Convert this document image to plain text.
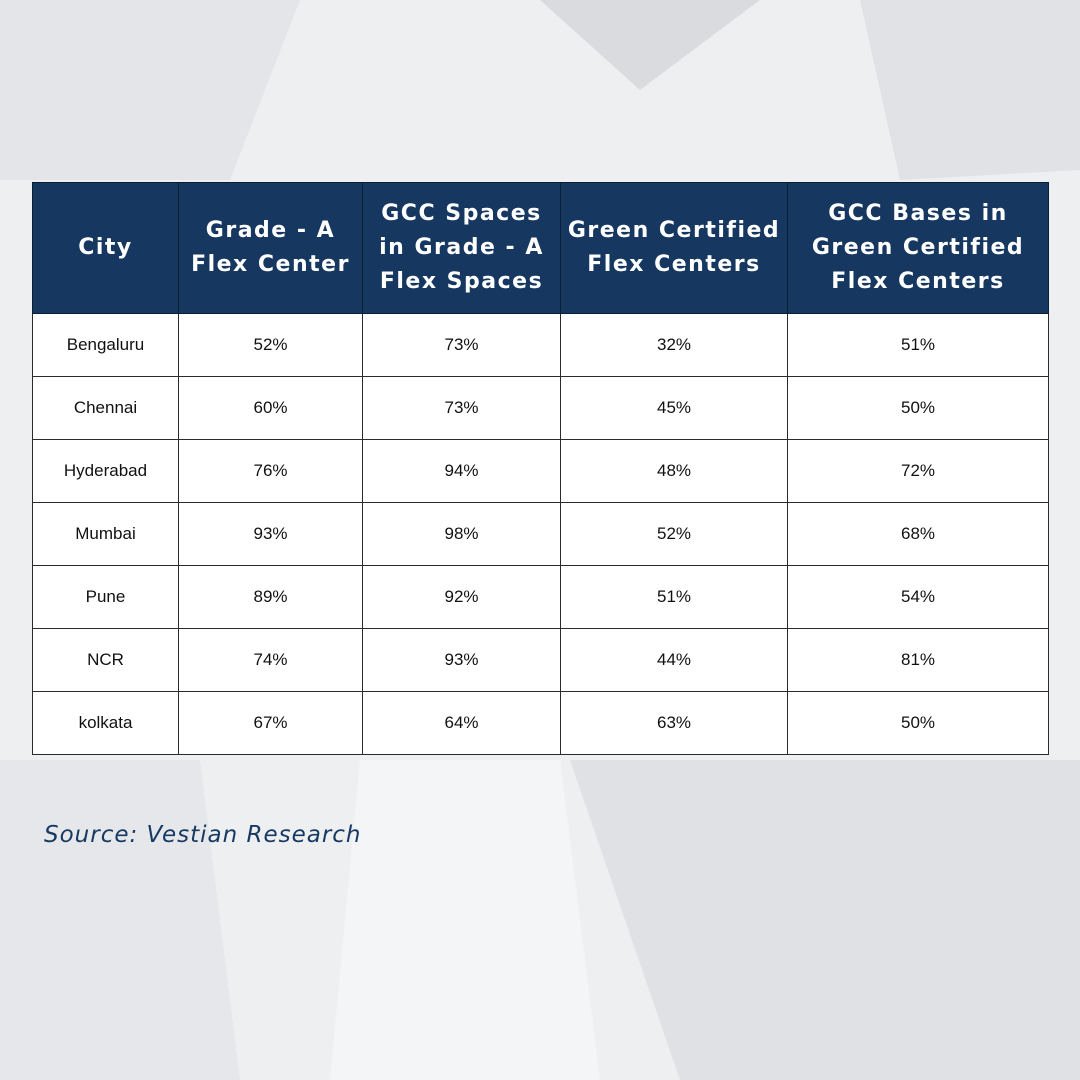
City	Grade - A Flex Center	GCC Spaces in Grade - A Flex Spaces	Green Certified Flex Centers	GCC Bases in Green Certified Flex Centers
Bengaluru	52%	73%	32%	51%
Chennai	60%	73%	45%	50%
Hyderabad	76%	94%	48%	72%
Mumbai	93%	98%	52%	68%
Pune	89%	92%	51%	54%
NCR	74%	93%	44%	81%
kolkata	67%	64%	63%	50%
Source: Vestian Research
